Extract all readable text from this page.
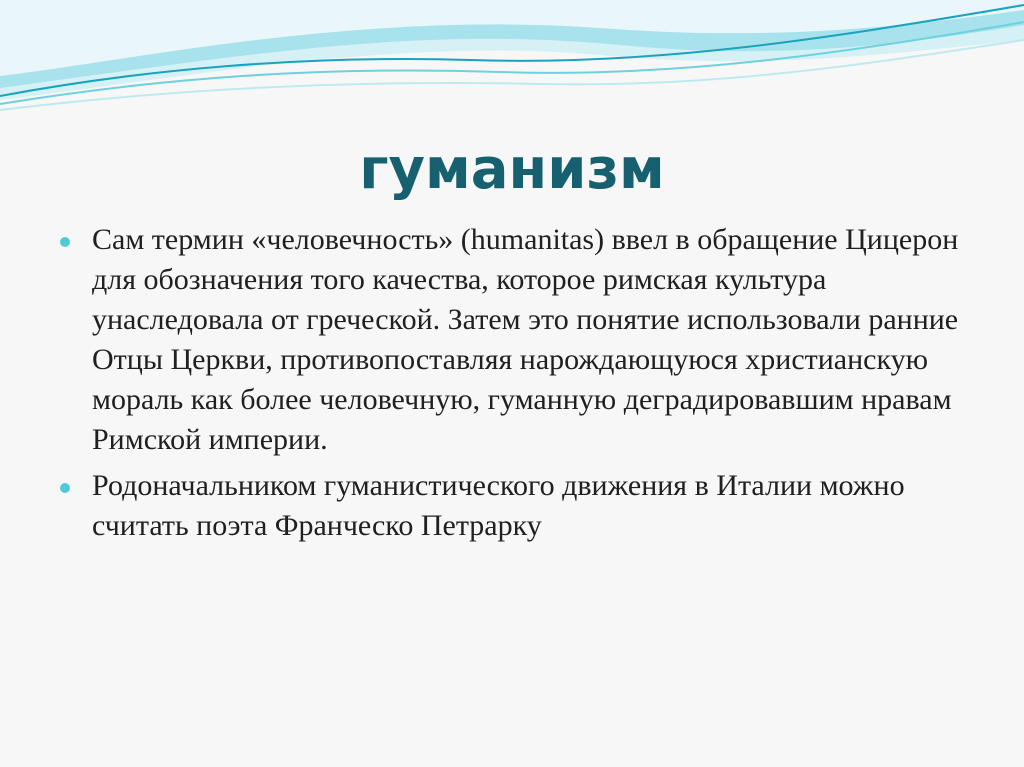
гуманизм
Сам термин «человечность» (humanitas) ввел в обращение Цицерон для обозначения того качества, которое римская культура унаследовала от греческой. Затем это понятие использовали ранние Отцы Церкви, противопоставляя нарождающуюся христианскую мораль как более человечную, гуманную деградировавшим нравам Римской империи.
Родоначальником гуманистического движения в Италии можно считать поэта Франческо Петрарку
